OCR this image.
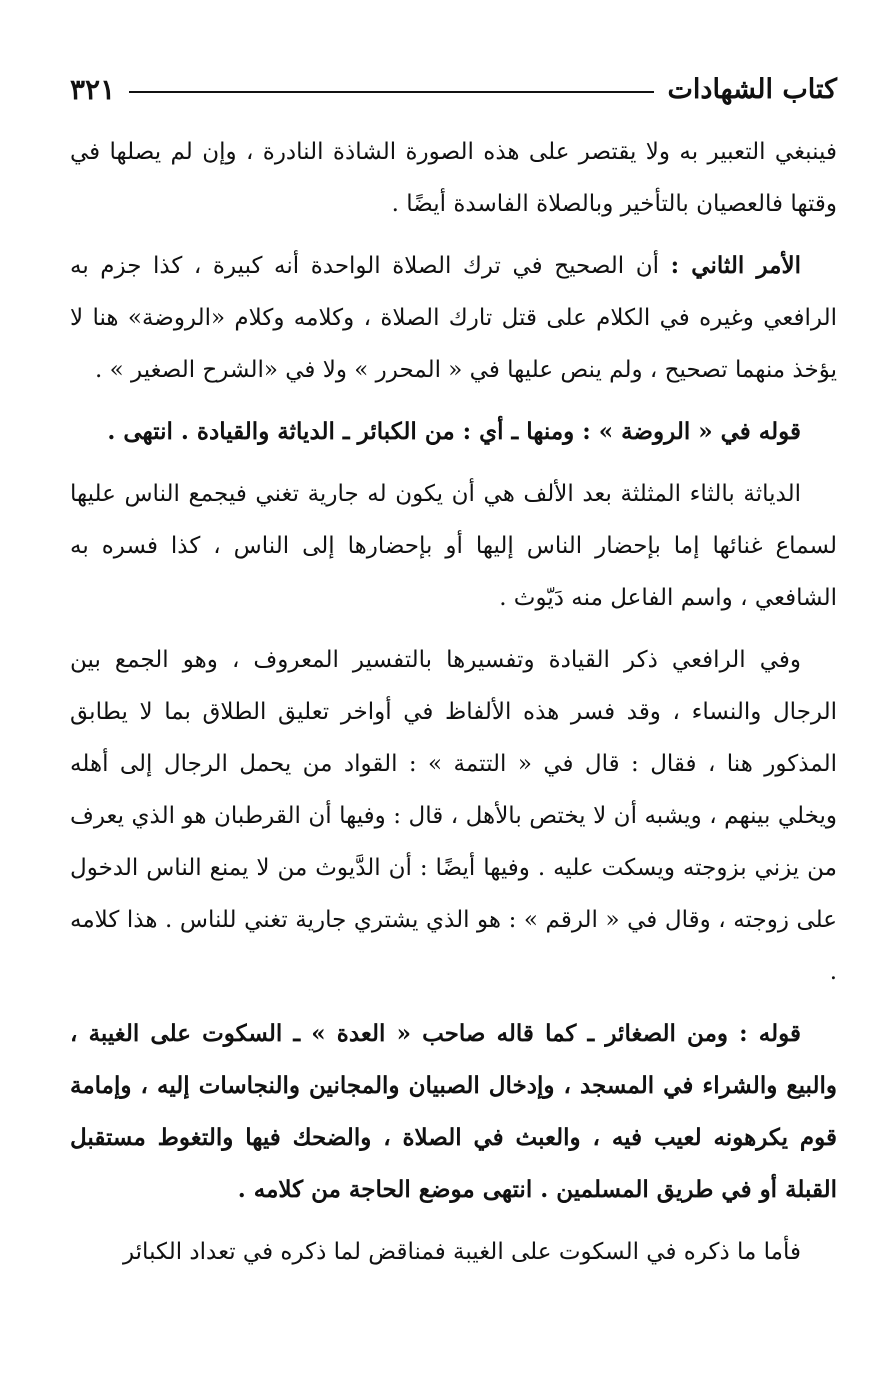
كتاب الشهادات
٣٢١

فينبغي التعبير به ولا يقتصر على هذه الصورة الشاذة النادرة ، وإن لم يصلها في وقتها فالعصيان بالتأخير وبالصلاة الفاسدة أيضًا .

الأمر الثاني : أن الصحيح في ترك الصلاة الواحدة أنه كبيرة ، كذا جزم به الرافعي وغيره في الكلام على قتل تارك الصلاة ، وكلامه وكلام «الروضة» هنا لا يؤخذ منهما تصحيح ، ولم ينص عليها في « المحرر » ولا في «الشرح الصغير » .

قوله في « الروضة » : ومنها ـ أي : من الكبائر ـ الدياثة والقيادة . انتهى .

الدياثة بالثاء المثلثة بعد الألف هي أن يكون له جارية تغني فيجمع الناس عليها لسماع غنائها إما بإحضار الناس إليها أو بإحضارها إلى الناس ، كذا فسره به الشافعي ، واسم الفاعل منه دَيّوث .

وفي الرافعي ذكر القيادة وتفسيرها بالتفسير المعروف ، وهو الجمع بين الرجال والنساء ، وقد فسر هذه الألفاظ في أواخر تعليق الطلاق بما لا يطابق المذكور هنا ، فقال : قال في « التتمة » : القواد من يحمل الرجال إلى أهله ويخلي بينهم ، ويشبه أن لا يختص بالأهل ، قال : وفيها أن القرطبان هو الذي يعرف من يزني بزوجته ويسكت عليه . وفيها أيضًا : أن الدَّيوث من لا يمنع الناس الدخول على زوجته ، وقال في « الرقم » : هو الذي يشتري جارية تغني للناس . هذا كلامه .

قوله : ومن الصغائر ـ كما قاله صاحب « العدة » ـ السكوت على الغيبة ، والبيع والشراء في المسجد ، وإدخال الصبيان والمجانين والنجاسات إليه ، وإمامة قوم يكرهونه لعيب فيه ، والعبث في الصلاة ، والضحك فيها والتغوط مستقبل القبلة أو في طريق المسلمين . انتهى موضع الحاجة من كلامه .

فأما ما ذكره في السكوت على الغيبة فمناقض لما ذكره في تعداد الكبائر
